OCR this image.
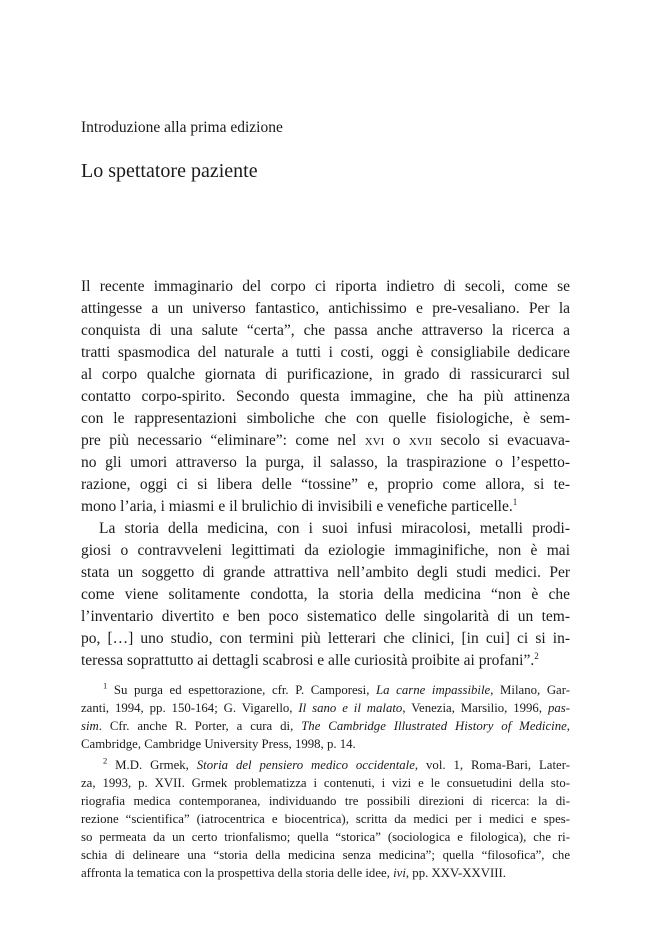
Introduzione alla prima edizione
Lo spettatore paziente
Il recente immaginario del corpo ci riporta indietro di secoli, come se
attingesse a un universo fantastico, antichissimo e pre-vesaliano. Per la
conquista di una salute “certa”, che passa anche attraverso la ricerca a
tratti spasmodica del naturale a tutti i costi, oggi è consigliabile dedicare
al corpo qualche giornata di purificazione, in grado di rassicurarci sul
contatto corpo-spirito. Secondo questa immagine, che ha più attinenza
con le rappresentazioni simboliche che con quelle fisiologiche, è sem-
pre più necessario “eliminare”: come nel xvi o xvii secolo si evacuava-
no gli umori attraverso la purga, il salasso, la traspirazione o l’espetto-
razione, oggi ci si libera delle “tossine” e, proprio come allora, si te-
mono l’aria, i miasmi e il brulichio di invisibili e venefiche particelle.$^1$
La storia della medicina, con i suoi infusi miracolosi, metalli prodi-
giosi o contravveleni legittimati da eziologie immaginifiche, non è mai
stata un soggetto di grande attrattiva nell’ambito degli studi medici. Per
come viene solitamente condotta, la storia della medicina “non è che
l’inventario divertito e ben poco sistematico delle singolarità di un tem-
po, […] uno studio, con termini più letterari che clinici, [in cui] ci si in-
teressa soprattutto ai dettagli scabrosi e alle curiosità proibite ai profani”.$^2$
$^1$ Su purga ed espettorazione, cfr. P. Camporesi, La carne impassibile, Milano, Gar-
zanti, 1994, pp. 150-164; G. Vigarello, Il sano e il malato, Venezia, Marsilio, 1996, pas-
sim. Cfr. anche R. Porter, a cura di, The Cambridge Illustrated History of Medicine,
Cambridge, Cambridge University Press, 1998, p. 14.
$^2$ M.D. Grmek, Storia del pensiero medico occidentale, vol. 1, Roma-Bari, Later-
za, 1993, p. XVII. Grmek problematizza i contenuti, i vizi e le consuetudini della sto-
riografia medica contemporanea, individuando tre possibili direzioni di ricerca: la di-
rezione “scientifica” (iatrocentrica e biocentrica), scritta da medici per i medici e spes-
so permeata da un certo trionfalismo; quella “storica” (sociologica e filologica), che ri-
schia di delineare una “storia della medicina senza medicina”; quella “filosofica”, che
affronta la tematica con la prospettiva della storia delle idee, ivi, pp. XXV-XXVIII.
